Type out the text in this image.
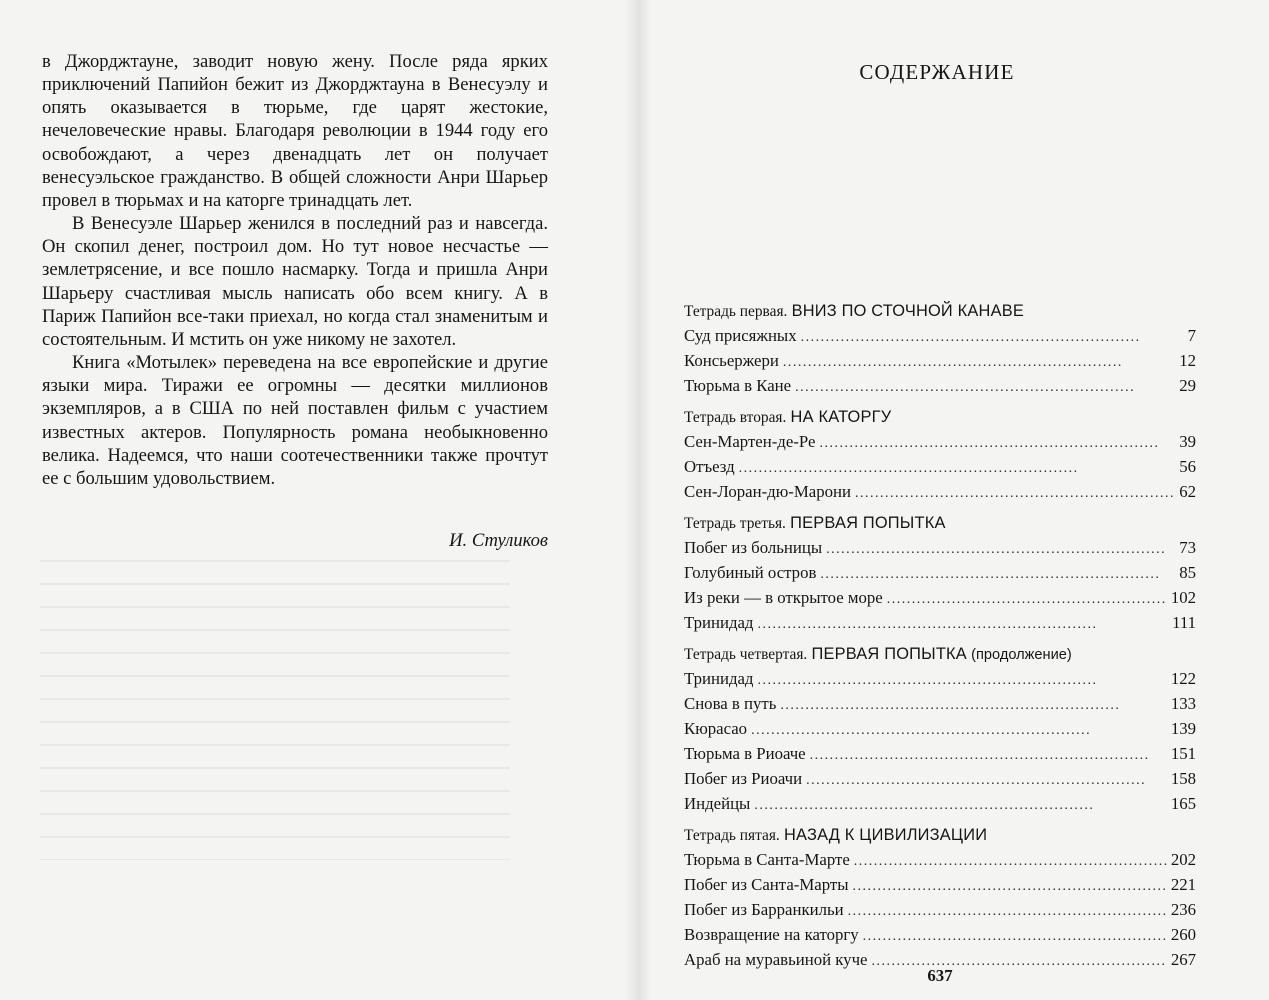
в Джорджтауне, заводит новую жену. После ряда ярких приключений Папийон бежит из Джорджтауна в Венесуэлу и опять оказывается в тюрьме, где царят жестокие, нечеловеческие нравы. Благодаря революции в 1944 году его освобождают, а через двенадцать лет он получает венесуэльское гражданство. В общей сложности Анри Шарьер провел в тюрьмах и на каторге тринадцать лет.

В Венесуэле Шарьер женился в последний раз и навсегда. Он скопил денег, построил дом. Но тут новое несчастье — землетрясение, и все пошло насмарку. Тогда и пришла Анри Шарьеру счастливая мысль написать обо всем книгу. А в Париж Папийон все-таки приехал, но когда стал знаменитым и состоятельным. И мстить он уже никому не захотел.

Книга «Мотылек» переведена на все европейские и другие языки мира. Тиражи ее огромны — десятки миллионов экземпляров, а в США по ней поставлен фильм с участием известных актеров. Популярность романа необыкновенно велика. Надеемся, что наши соотечественники также прочтут ее с большим удовольствием.

И. Стуликов
СОДЕРЖАНИЕ
Тетрадь первая. ВНИЗ ПО СТОЧНОЙ КАНАВЕ
Суд присяжных . . .	7
Консьержери . . .	12
Тюрьма в Кане . . .	29
Тетрадь вторая. НА КАТОРГУ
Сен-Мартен-де-Ре . . .	39
Отъезд . . .	56
Сен-Лоран-дю-Марони . . .	62
Тетрадь третья. ПЕРВАЯ ПОПЫТКА
Побег из больницы . . .	73
Голубиный остров . . .	85
Из реки — в открытое море . . .	102
Тринидад . . .	111
Тетрадь четвертая. ПЕРВАЯ ПОПЫТКА (продолжение)
Тринидад . . .	122
Снова в путь . . .	133
Кюрасао . . .	139
Тюрьма в Риоаче . . .	151
Побег из Риоачи . . .	158
Индейцы . . .	165
Тетрадь пятая. НАЗАД К ЦИВИЛИЗАЦИИ
Тюрьма в Санта-Марте . . .	202
Побег из Санта-Марты . . .	221
Побег из Барранкильи . . .	236
Возвращение на каторгу . . .	260
Араб на муравьиной куче . . .	267
637
